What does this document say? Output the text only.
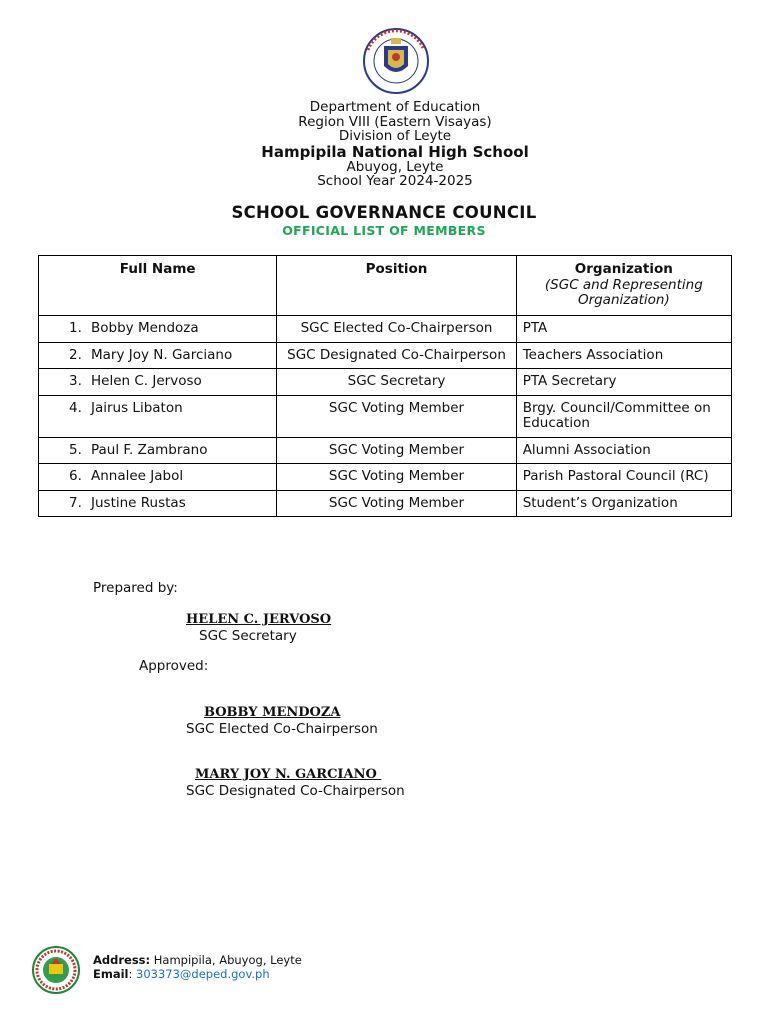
Department of Education
Region VIII (Eastern Visayas)
Division of Leyte
Hampipila National High School
Abuyog, Leyte
School Year 2024-2025
SCHOOL GOVERNANCE COUNCIL
OFFICIAL LIST OF MEMBERS
Full Name	Position	Organization
(SGC and Representing Organization)

1. Bobby Mendoza	SGC Elected Co-Chairperson	PTA
2. Mary Joy N. Garciano	SGC Designated Co-Chairperson	Teachers Association
3. Helen C. Jervoso	SGC Secretary	PTA Secretary
4. Jairus Libaton	SGC Voting Member	Brgy. Council/Committee on Education
5. Paul F. Zambrano	SGC Voting Member	Alumni Association
6. Annalee Jabol	SGC Voting Member	Parish Pastoral Council (RC)
7. Justine Rustas	SGC Voting Member	Student’s Organization
Prepared by:
HELEN C. JERVOSO
SGC Secretary
Approved:
BOBBY MENDOZA
SGC Elected Co-Chairperson
MARY JOY N. GARCIANO
SGC Designated Co-Chairperson
Address: Hampipila, Abuyog, Leyte
Email: 303373@deped.gov.ph
